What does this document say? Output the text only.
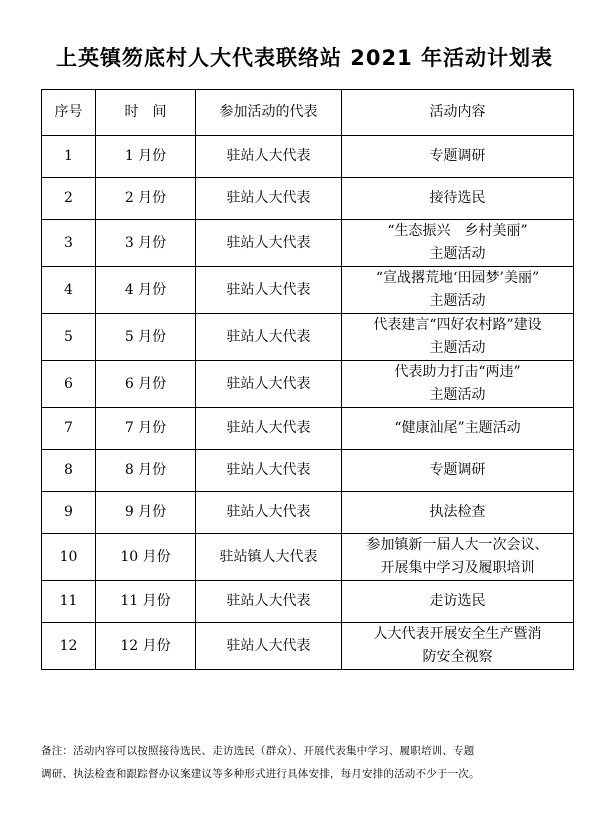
上英镇笏底村人大代表联络站 2021 年活动计划表
序号	时　间	参加活动的代表	活动内容
1	1 月份	驻站人大代表	专题调研

2	2 月份	驻站人大代表	接待选民

3	3 月份	驻站人大代表	“生态振兴　乡村美丽”
主题活动

4	4 月份	驻站人大代表	“宣战撂荒地‘田园梦’美丽”
主题活动

5	5 月份	驻站人大代表	代表建言“四好农村路”建设
主题活动

6	6 月份	驻站人大代表	代表助力打击“两违”
主题活动

7	7 月份	驻站人大代表	“健康汕尾”主题活动

8	8 月份	驻站人大代表	专题调研

9	9 月份	驻站人大代表	执法检查

10	10 月份	驻站镇人大代表	参加镇新一届人大一次会议、
开展集中学习及履职培训

11	11 月份	驻站人大代表	走访选民

12	12 月份	驻站人大代表	人大代表开展安全生产暨消
防安全视察
备注：活动内容可以按照接待选民、走访选民（群众）、开展代表集中学习、履职培训、专题
调研、执法检查和跟踪督办议案建议等多种形式进行具体安排，每月安排的活动不少于一次。
